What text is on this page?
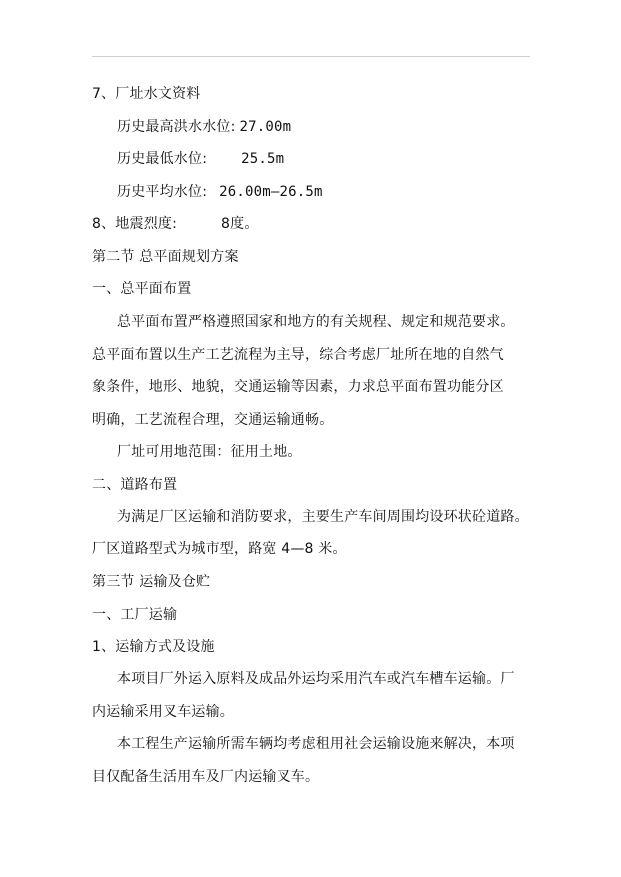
7、厂址水文资料
历史最高洪水水位: 27.00m
历史最低水位: 25.5m
历史平均水位: 26.00m—26.5m
8、地震烈度:	8度。
第二节 总平面规划方案
一、总平面布置
总平面布置严格遵照国家和地方的有关规程、规定和规范要求。
总平面布置以生产工艺流程为主导，综合考虑厂址所在地的自然气
象条件，地形、地貌，交通运输等因素，力求总平面布置功能分区
明确，工艺流程合理，交通运输通畅。
厂址可用地范围：征用土地。
二、道路布置
为满足厂区运输和消防要求，主要生产车间周围均设环状砼道路。
厂区道路型式为城市型，路宽 4—8 米。
第三节 运输及仓贮
一、工厂运输
1、运输方式及设施
本项目厂外运入原料及成品外运均采用汽车或汽车槽车运输。厂
内运输采用叉车运输。
本工程生产运输所需车辆均考虑租用社会运输设施来解决，本项
目仅配备生活用车及厂内运输叉车。
